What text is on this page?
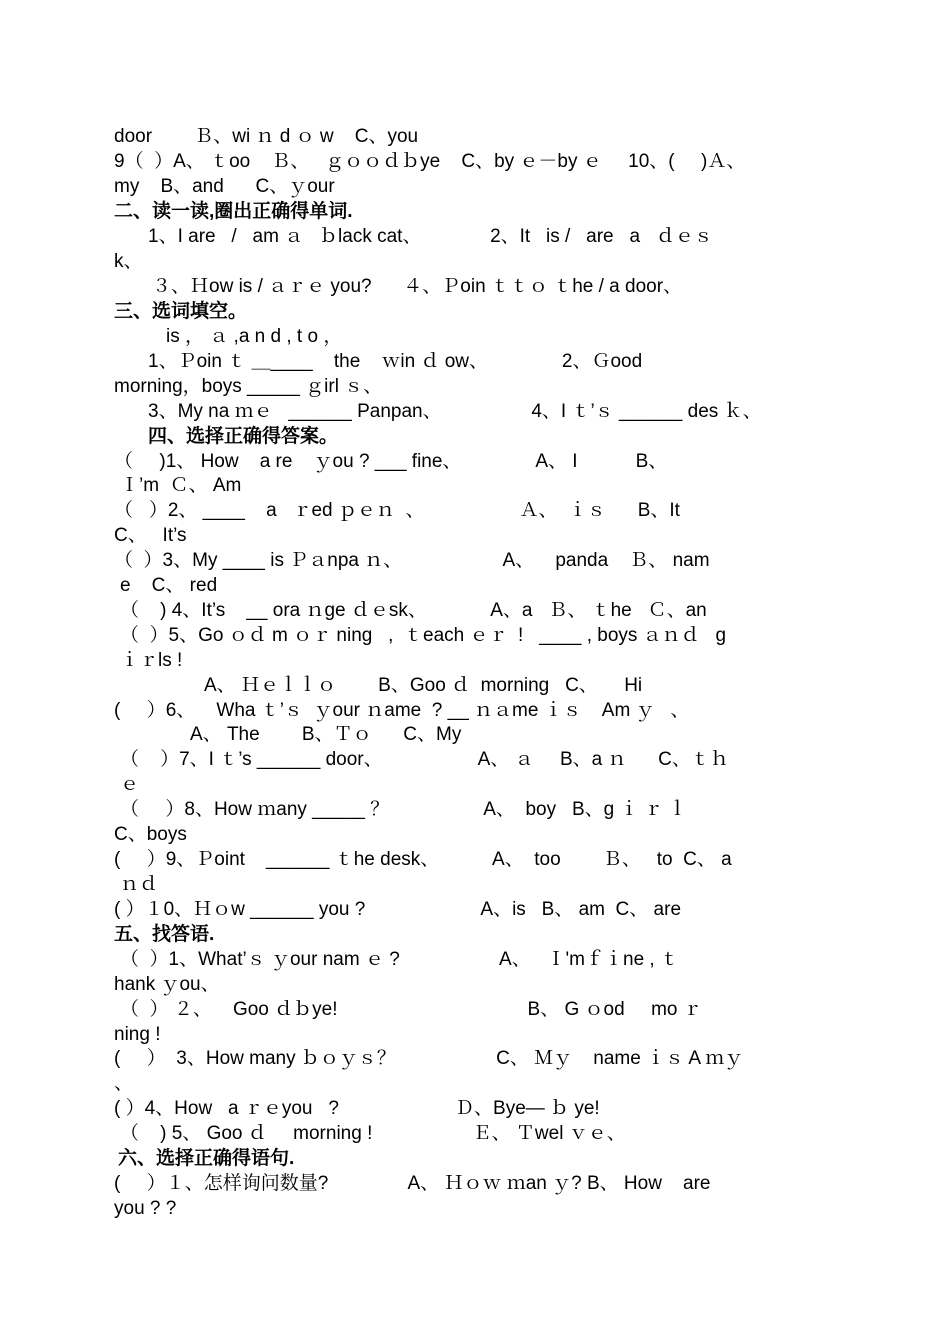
door        Ｂ、wi ｎ d ｏ w    C、you
9（  ）A、 ｔoo    Ｂ、   ｇｏｏｄｂye    C、by ｅ－by ｅ     10、(     )Ａ、
my    B、and      C、ｙour
二、读一读,圈出正确得单词.
1、I are   /   am ａ   ｂlack cat、             2、It   is /   are   a   ｄｅｓ
k、
３、Ｈow is / ａｒｅ you?      ４、Ｐoin ｔｔｏ ｔhe / a door、
三、选词填空。
is ， ａ ,a n d , t o ，
1、Ｐoin ｔ ＿____    the    ｗin ｄ ow、              2、Ｇood
morning，boys _____ ｇirl ｓ、
3、My na ｍｅ   ______ Panpan、                 4、I ｔ’ｓ ______ des ｋ、
四、选择正确得答案。
（     )1、 How    a re    ｙou ? ___ fine、              A、 I           B、
Ｉ’m  Ｃ、 Am
（   ）2、 ____    a   ｒed ｐｅｎ  、                  Ａ、  ｉｓ      B、It
C、   It’s
（  ）3、My ____ is Ｐａnpa ｎ、                   A、    panda    Ｂ、 nam
e    C、 red
（    ) 4、It’s    __ ora ｎge ｄｅsk、            A、a   Ｂ、 ｔhe   Ｃ、an
（  ）5、Go ｏｄ m ｏｒ ning   ,  ｔeach ｅｒ  !   ____ , boys ａｎｄ   g
ｉｒls !
A、 Ｈｅｌｌｏ        B、Goo ｄ  morning   C、     Hi
(     ）6、    Wha ｔ’ｓ  ｙour ｎame  ? __ ｎａme ｉｓ    Am ｙ   、
A、 The        B、Ｔｏ      C、My
（    ）7、I ｔ’s ______ door、                  A、 ａ     B、a ｎ      C、ｔｈ
ｅ
（     ）8、How ｍany _____ ？                  A、  boy   B、g ｉ ｒ ｌ
C、boys
(     ）9、Ｐoint    ______ ｔhe desk、          A、  too        Ｂ、   to  C、 a
ｎｄ
( ）１0、Ｈｏw ______ you ?                      A、is   B、 am  C、 are
五、找答语.
（  ）1、What’ｓ ｙour nam ｅ ?                   A、   Ｉ'mｆｉne , ｔ
hank ｙou、
（  ） ２、    Goo ｄｂye!                                    B、 G ｏod     mo ｒ
ning !
(     ）  3、How many ｂｏｙｓ？                   C、 Ｍｙ    name ｉｓ A ｍｙ
、
( ）4、How   a ｒｅyou   ?                      Ｄ、Bye— ｂ ye!
（    ) 5、 Goo ｄ     morning !                   Ｅ、 Ｔwel ｖｅ、
六、选择正确得语句.
(     ）１、怎样询问数量?               A、 Ｈｏｗ ｍan ｙ? B、 How    are
you ? ?
